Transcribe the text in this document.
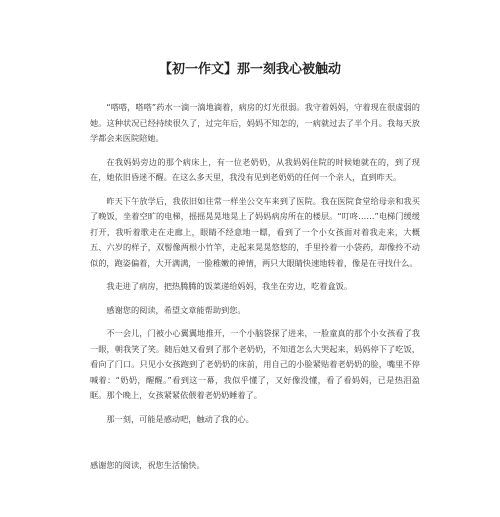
【初一作文】那一刻我心被触动

“嗒嗒，嗒嗒”药水一滴一滴地滴着，病房的灯光很弱。我守着妈妈，守着现在很虚弱的她。这种状况已经持续很久了，过完年后，妈妈不知怎的，一病就过去了半个月。我每天放学都会来医院陪她。

在我妈妈旁边的那个病床上，有一位老奶奶，从我妈妈住院的时候她就在的，到了现在，她依旧昏迷不醒。在这么多天里，我没有见到老奶奶的任何一个亲人，直到昨天。

昨天下午放学后，我依旧如往常一样坐公交车来到了医院。我在医院食堂给母亲和我买了晚饭，坐着空旷的电梯，摇摇晃晃地晃上了妈妈病房所在的楼层。“叮咚……”电梯门缓缓打开，我听着歌走在走廊上，眼睛不经意地一瞟，看到了一个小女孩面对着我走来，大概五、六岁的样子，双髻像两根小竹竿，走起来晃晃悠悠的，手里拎着一小袋药，却像拎不动似的，跑姿偏着，大开满满，一脸稚嫩的神情，两只大眼睛快速地转着，像是在寻找什么。

我走进了病房，把热腾腾的饭菜递给妈妈，我坐在旁边，吃着盒饭。

感谢您的阅读，希望文章能帮助到您。

不一会儿，门被小心翼翼地推开，一个小脑袋探了进来，一脸童真的那个小女孩看了我一眼，朝我笑了笑。随后她又看到了那个老奶奶，不知道怎么大哭起来，妈妈停下了吃饭，看向了门口。只见小女孩跑到了老奶奶的床前，用自己的小脸紧贴着老奶奶的脸，嘴里不停喊着：“奶奶，醒醒。”看到这一幕，我似乎懂了，又好像没懂，看了看妈妈，已是热泪盈眶。那个晚上，女孩紧紧依偎着老奶奶睡着了。

那一刻，可能是感动吧，触动了我的心。

感谢您的阅读，祝您生活愉快。
